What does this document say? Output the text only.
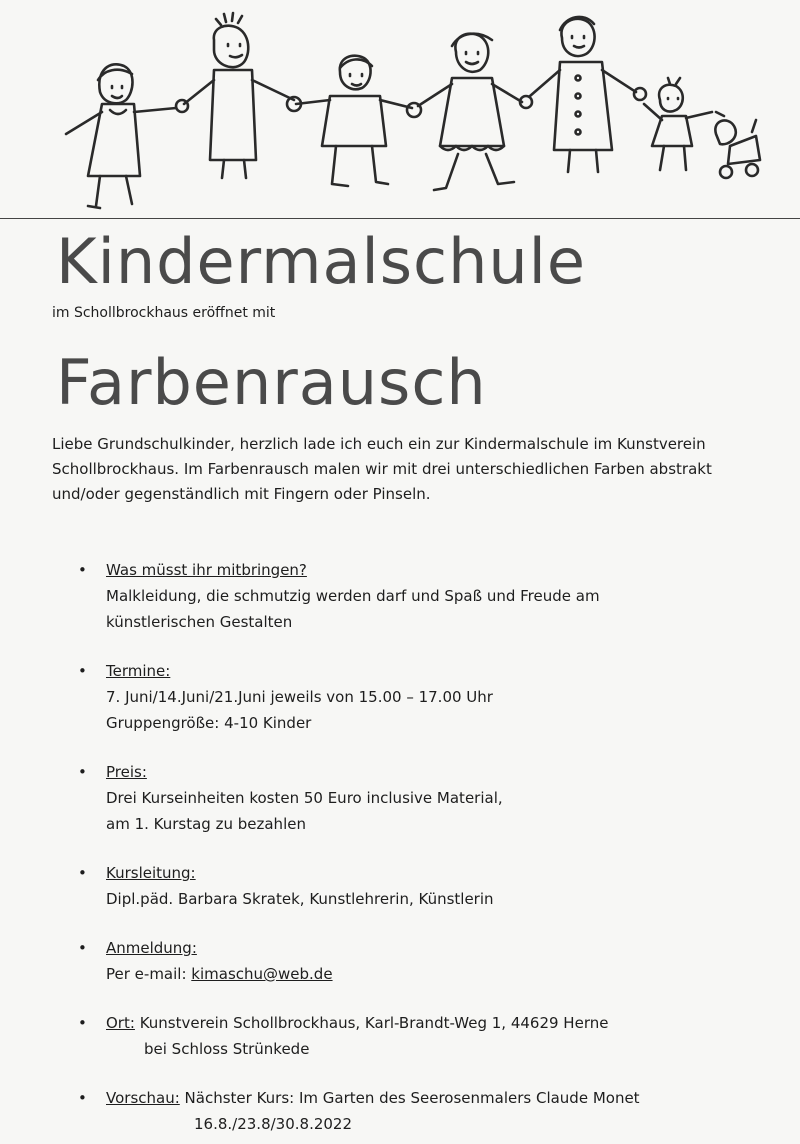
Kindermalschule

im Schollbrockhaus eröffnet mit

Farbenrausch

Liebe Grundschulkinder, herzlich lade ich euch ein zur Kindermalschule im Kunstverein Schollbrockhaus. Im Farbenrausch malen wir mit drei unterschiedlichen Farben abstrakt und/oder gegenständlich mit Fingern oder Pinseln.

•	Was müsst ihr mitbringen?
Malkleidung, die schmutzig werden darf und Spaß und Freude am
künstlerischen Gestalten
•	Termine:
7. Juni/14.Juni/21.Juni jeweils von 15.00 – 17.00 Uhr
Gruppengröße: 4-10 Kinder
•	Preis:
Drei Kurseinheiten kosten 50 Euro inclusive Material,
am 1. Kurstag zu bezahlen
•	Kursleitung:
Dipl.päd. Barbara Skratek, Kunstlehrerin, Künstlerin
•	Anmeldung:
Per e-mail: kimaschu@web.de
•	Ort: Kunstverein Schollbrockhaus, Karl-Brandt-Weg 1, 44629 Herne
bei Schloss Strünkede
•	Vorschau: Nächster Kurs: Im Garten des Seerosenmalers Claude Monet
16.8./23.8/30.8.2022
